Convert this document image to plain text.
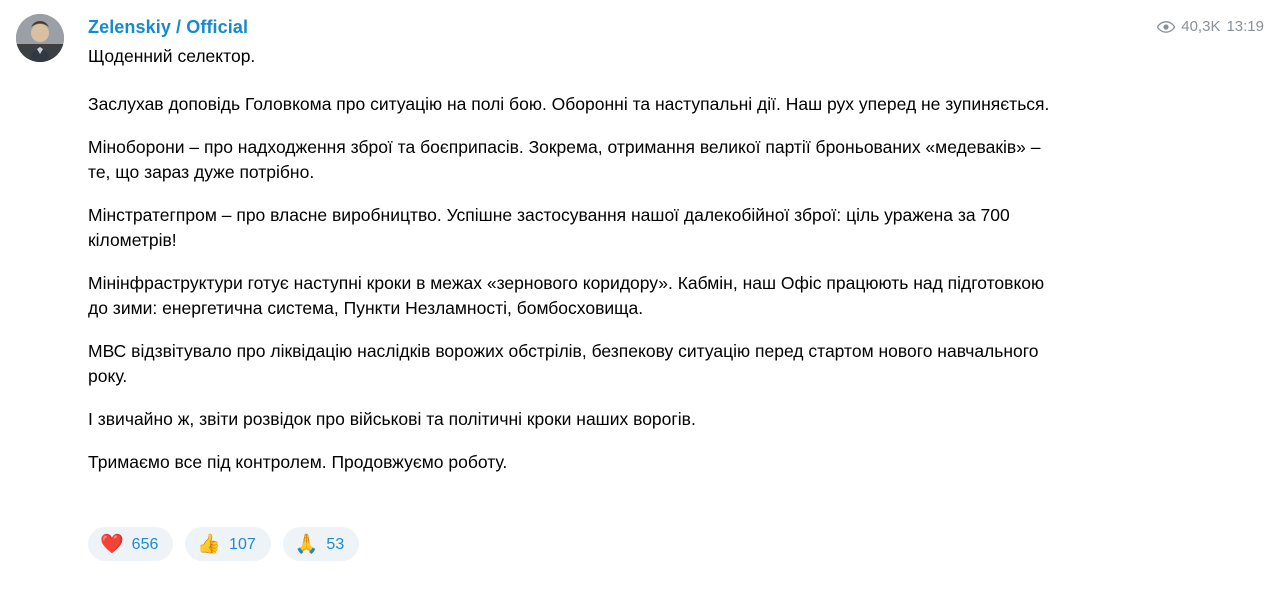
Zelenskiy / Official	40,3K 13:19

Щоденний селектор.

Заслухав доповідь Головкома про ситуацію на полі бою. Оборонні та наступальні дії. Наш рух уперед не зупиняється.

Міноборони – про надходження зброї та боєприпасів. Зокрема, отримання великої партії броньованих «медеваків» – те, що зараз дуже потрібно.

Мінстратегпром – про власне виробництво. Успішне застосування нашої далекобійної зброї: ціль уражена за 700 кілометрів!

Мінінфраструктури готує наступні кроки в межах «зернового коридору». Кабмін, наш Офіс працюють над підготовкою до зими: енергетична система, Пункти Незламності, бомбосховища.

МВС відзвітувало про ліквідацію наслідків ворожих обстрілів, безпекову ситуацію перед стартом нового навчального року.

І звичайно ж, звіти розвідок про військові та політичні кроки наших ворогів.

Тримаємо все під контролем. Продовжуємо роботу.

❤️ 656 👍 107 🙏 53
